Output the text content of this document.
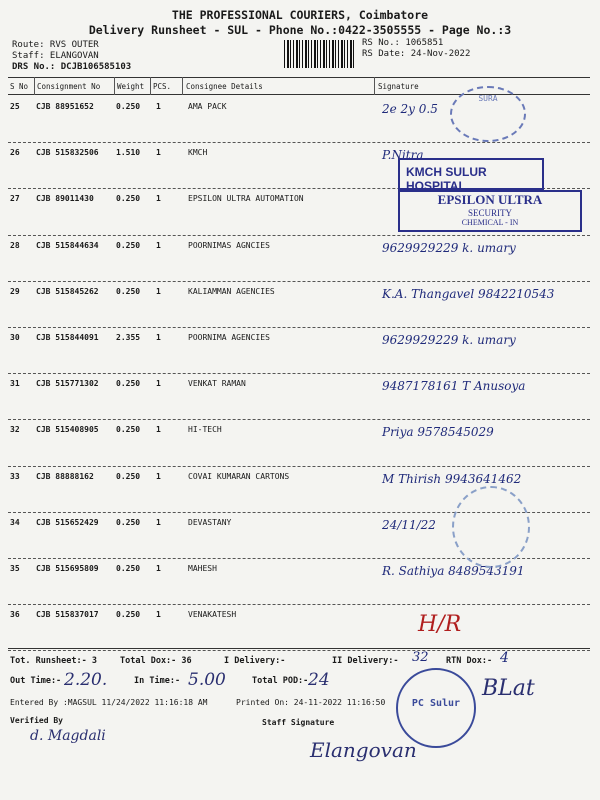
THE PROFESSIONAL COURIERS, Coimbatore
Delivery Runsheet - SUL - Phone No.:0422-3505555 - Page No.:3
Route: RVS OUTER
Staff: ELANGOVAN
DRS No.: DCJB106585103
RS No.: 1065851
RS Date: 24-Nov-2022
S No Consignment No Weight PCS. Consignee Details	Signature
25 CJB 88951652	0.250 1	AMA PACK	2e 2y 0.5
26 CJB 515832506 1.510 1	KMCH	P.Nitra
27 CJB 89011430	0.250 1	EPSILON ULTRA AUTOMATION
28 CJB 515844634 0.250 1	POORNIMAS AGNCIES	9629929229 k. umary
29 CJB 515845262 0.250 1	KALIAMMAN AGENCIES	K.A. Thangavel 9842210543
30 CJB 515844091 2.355 1	POORNIMA AGENCIES	9629929229 k. umary
31 CJB 515771302 0.250 1	VENKAT RAMAN	9487178161 T Anusoya
32 CJB 515408905 0.250 1	HI-TECH	Priya 9578545029
33 CJB 88888162	0.250 1	COVAI KUMARAN CARTONS	M Thirish 9943641462
34 CJB 515652429 0.250 1	DEVASTANY	24/11/22
35 CJB 515695809 0.250 1	MAHESH	R. Sathiya 8489543191
36 CJB 515837017 0.250 1	VENAKATESH	H/R
KMCH SULUR HOSPITAL
EPSILON ULTRA
SECURITY
CHEMICAL - IN
SURA
PC Sulur
Tot. Runsheet:- 3	Total Dox:- 36	I Delivery:-	II Delivery:- 32 RTN Dox:- 4
Out Time:- 2.20.	In Time:- 5.00	Total POD:- 24
Entered By :MAGSUL 11/24/2022 11:16:18 AM	Printed On: 24-11-2022 11:16:50
Verified By
d. Magdali
Staff Signature
Elangovan
BLat
